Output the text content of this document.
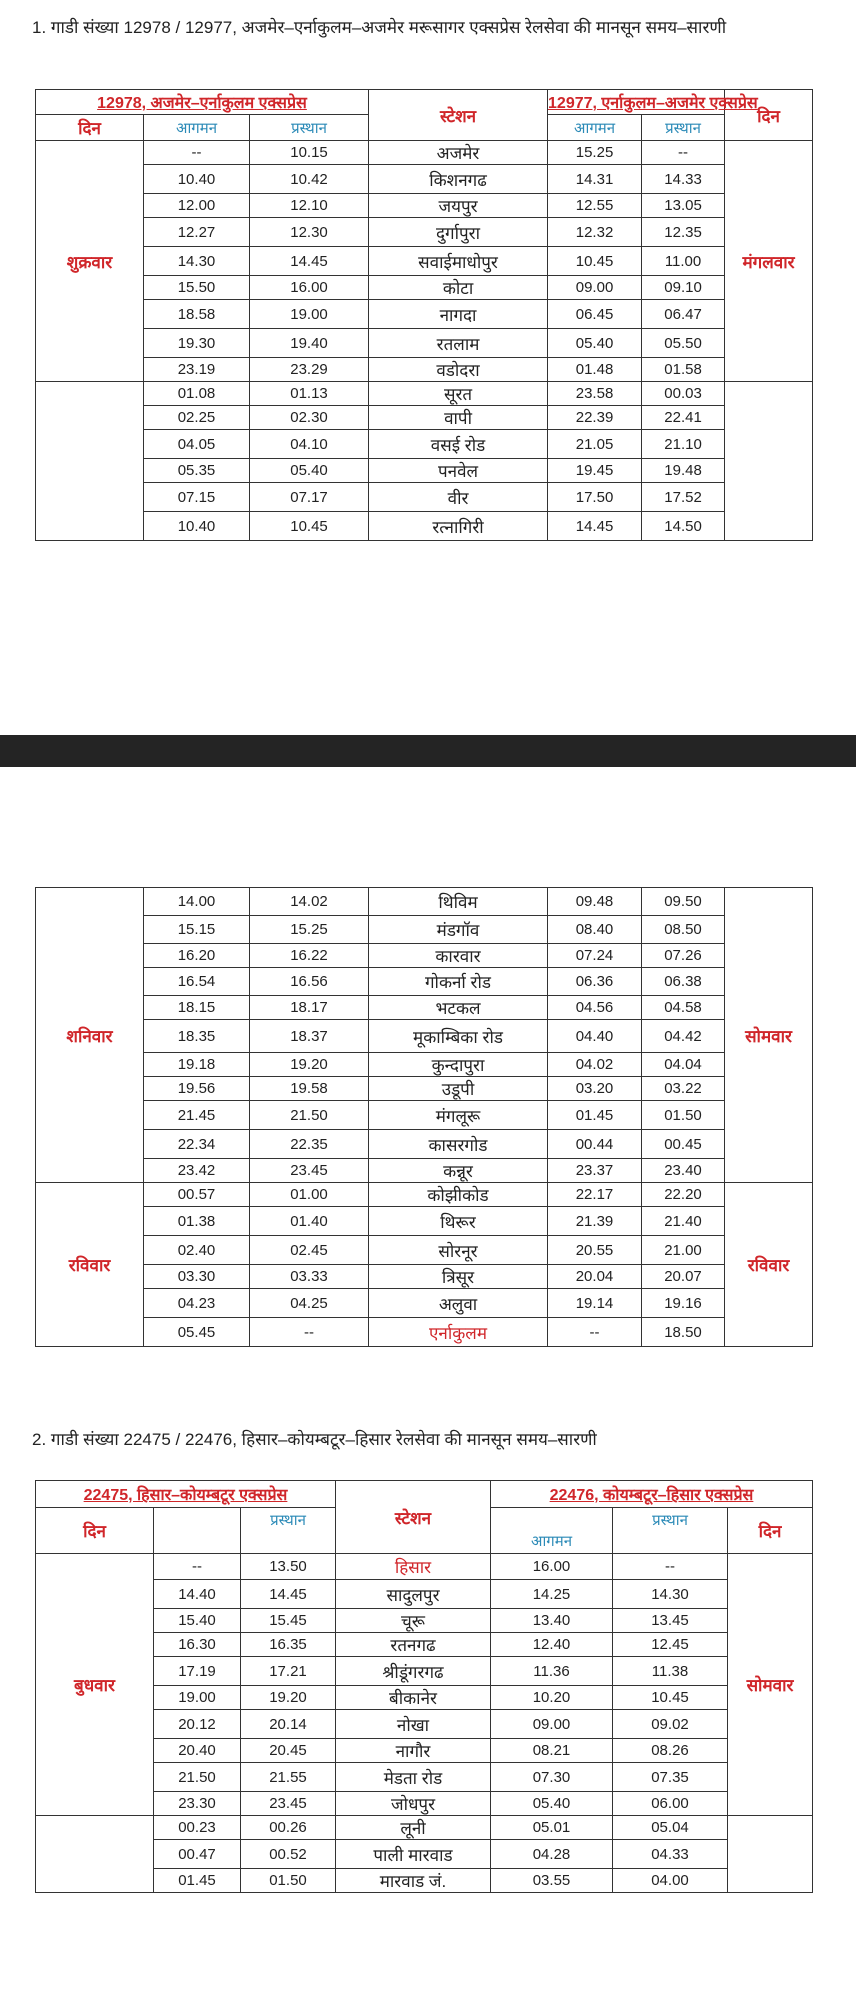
1. गाडी संख्या 12978 / 12977, अजमेर–एर्नाकुलम–अजमेर मरूसागर एक्सप्रेस रेलसेवा की मानसून समय–सारणी
12978, अजमेर–एर्नाकुलम एक्सप्रेस			स्टेशन	12977, एर्नाकुलम–अजमेर एक्सप्रेस		दिन
दिन	आगमन	प्रस्थान		आगमन	प्रस्थान	

शुक्रवार	--	10.15	अजमेर	15.25	--	मंगलवार
	10.40	10.42	किशनगढ	14.31	14.33	
	12.00	12.10	जयपुर	12.55	13.05	
	12.27	12.30	दुर्गापुरा	12.32	12.35	
	14.30	14.45	सवाईमाधोपुर	10.45	11.00	
	15.50	16.00	कोटा	09.00	09.10	
	18.58	19.00	नागदा	06.45	06.47	
	19.30	19.40	रतलाम	05.40	05.50	
	23.19	23.29	वडोदरा	01.48	01.58	
	01.08	01.13	सूरत	23.58	00.03	
	02.25	02.30	वापी	22.39	22.41	
	04.05	04.10	वसई रोड	21.05	21.10	
	05.35	05.40	पनवेल	19.45	19.48	
	07.15	07.17	वीर	17.50	17.52	
	10.40	10.45	रत्नागिरी	14.45	14.50	
शनिवार	14.00	14.02	थिविम	09.48	09.50	सोमवार
	15.15	15.25	मंडगॉव	08.40	08.50	
	16.20	16.22	कारवार	07.24	07.26	
	16.54	16.56	गोकर्ना रोड	06.36	06.38	
	18.15	18.17	भटकल	04.56	04.58	
	18.35	18.37	मूकाम्बिका रोड	04.40	04.42	
	19.18	19.20	कुन्दापुरा	04.02	04.04	
	19.56	19.58	उडूपी	03.20	03.22	
	21.45	21.50	मंगलूरू	01.45	01.50	
	22.34	22.35	कासरगोड	00.44	00.45	
	23.42	23.45	कन्नूर	23.37	23.40	
रविवार	00.57	01.00	कोझीकोड	22.17	22.20	रविवार
	01.38	01.40	थिरूर	21.39	21.40	
	02.40	02.45	सोरनूर	20.55	21.00	
	03.30	03.33	त्रिसूर	20.04	20.07	
	04.23	04.25	अलुवा	19.14	19.16	
	05.45	--	एर्नाकुलम	--	18.50	
2. गाडी संख्या 22475 / 22476, हिसार–कोयम्बटूर–हिसार रेलसेवा की मानसून समय–सारणी
22475, हिसार–कोयम्बटूर एक्सप्रेस			स्टेशन	22476, कोयम्बटूर–हिसार एक्सप्रेस		
दिन		प्रस्थान		आगमन	प्रस्थान	दिन
बुधवार	--	13.50	हिसार	16.00	--	सोमवार
	14.40	14.45	सादुलपुर	14.25	14.30	
	15.40	15.45	चूरू	13.40	13.45	
	16.30	16.35	रतनगढ	12.40	12.45	
	17.19	17.21	श्रीडूंगरगढ	11.36	11.38	
	19.00	19.20	बीकानेर	10.20	10.45	
	20.12	20.14	नोखा	09.00	09.02	
	20.40	20.45	नागौर	08.21	08.26	
	21.50	21.55	मेडता रोड	07.30	07.35	
	23.30	23.45	जोधपुर	05.40	06.00	
	00.23	00.26	लूनी	05.01	05.04	
	00.47	00.52	पाली मारवाड	04.28	04.33	
	01.45	01.50	मारवाड जं.	03.55	04.00	
